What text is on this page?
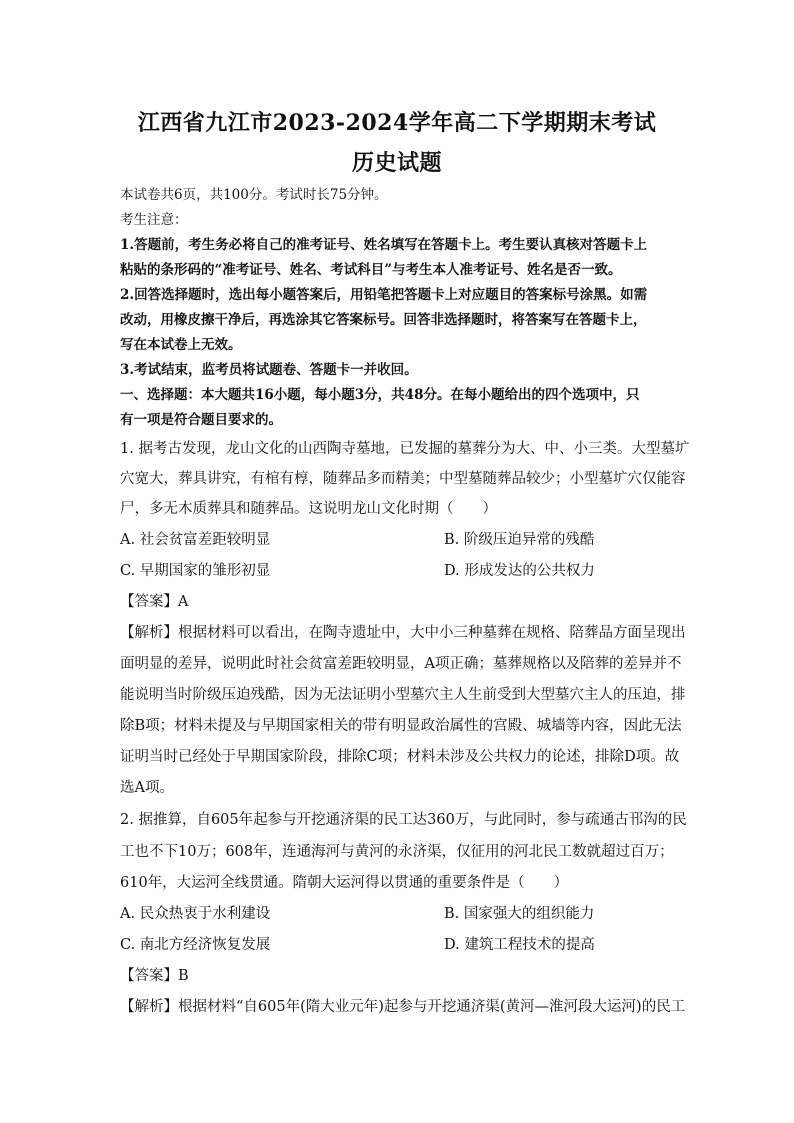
江西省九江市2023-2024学年高二下学期期末考试
历史试题
本试卷共6页，共100分。考试时长75分钟。
考生注意：
1.答题前，考生务必将自己的准考证号、姓名填写在答题卡上。考生要认真核对答题卡上
粘贴的条形码的“准考证号、姓名、考试科目”与考生本人准考证号、姓名是否一致。
2.回答选择题时，选出每小题答案后，用铅笔把答题卡上对应题目的答案标号涂黑。如需
改动，用橡皮擦干净后，再选涂其它答案标号。回答非选择题时，将答案写在答题卡上，
写在本试卷上无效。
3.考试结束，监考员将试题卷、答题卡一并收回。
一、选择题：本大题共16小题，每小题3分，共48分。在每小题给出的四个选项中，只
有一项是符合题目要求的。
1. 据考古发现，龙山文化的山西陶寺墓地，已发掘的墓葬分为大、中、小三类。大型墓圹
穴宽大，葬具讲究，有棺有椁，随葬品多而精美；中型墓随葬品较少；小型墓圹穴仅能容
尸，多无木质葬具和随葬品。这说明龙山文化时期（　　）
A. 社会贫富差距较明显	B. 阶级压迫异常的残酷
C. 早期国家的雏形初显	D. 形成发达的公共权力
【答案】A
【解析】根据材料可以看出，在陶寺遗址中，大中小三种墓葬在规格、陪葬品方面呈现出
面明显的差异，说明此时社会贫富差距较明显，A项正确；墓葬规格以及陪葬的差异并不
能说明当时阶级压迫残酷，因为无法证明小型墓穴主人生前受到大型墓穴主人的压迫，排
除B项；材料未提及与早期国家相关的带有明显政治属性的宫殿、城墙等内容，因此无法
证明当时已经处于早期国家阶段，排除C项；材料未涉及公共权力的论述，排除D项。故
选A项。
2. 据推算，自605年起参与开挖通济渠的民工达360万，与此同时，参与疏通古邗沟的民
工也不下10万；608年，连通海河与黄河的永济渠，仅征用的河北民工数就超过百万；
610年，大运河全线贯通。隋朝大运河得以贯通的重要条件是（　　）
A. 民众热衷于水利建设	B. 国家强大的组织能力
C. 南北方经济恢复发展	D. 建筑工程技术的提高
【答案】B
【解析】根据材料“自605年(隋大业元年)起参与开挖通济渠(黄河—淮河段大运河)的民工
